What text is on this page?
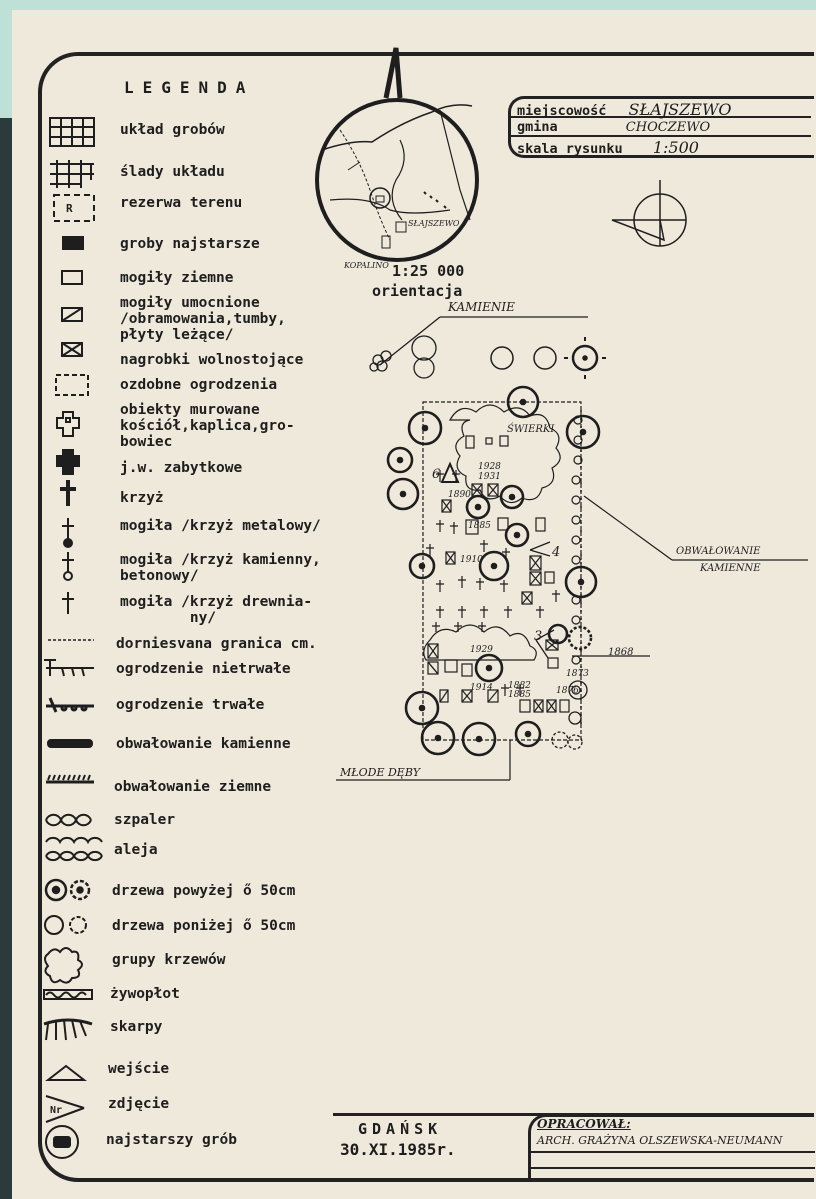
LEGENDA
R
Nr
układ grobów
ślady układu
rezerwa terenu
groby najstarsze
mogiły ziemne
mogiły umocnione
/obramowania,tumby,
płyty leżące/
nagrobki wolnostojące
ozdobne ogrodzenia
obiekty murowane
kościół,kaplica,gro-
bowiec
j.w. zabytkowe
krzyż
mogiła /krzyż metalowy/
mogiła /krzyż kamienny,
betonowy/
mogiła /krzyż drewnia-
ny/
dorniesvana granica cm.
ogrodzenie nietrwałe
ogrodzenie trwałe
obwałowanie kamienne
obwałowanie ziemne
szpaler
aleja
drzewa powyżej ő 50cm
drzewa poniżej ő 50cm
grupy krzewów
żywopłot
skarpy
wejście
zdjęcie
najstarszy grób
miejscowość SŁAJSZEWO
gmina	CHOCZEWO
skala rysunku 1:500
SŁAJSZEWO
KOPALINO
ŚWIERKI
1928
1931
1890
1885
1910
1929	1868
1873
1882
1885
1914	1876
6
4
3
1:25 000
orientacja
KAMIENIE
OBWAŁOWANIE
KAMIENNE
MŁODE DĘBY
GDAŃSK
30.XI.1985r.
OPRACOWAŁ:
ARCH. GRAŻYNA OLSZEWSKA-NEUMANN
